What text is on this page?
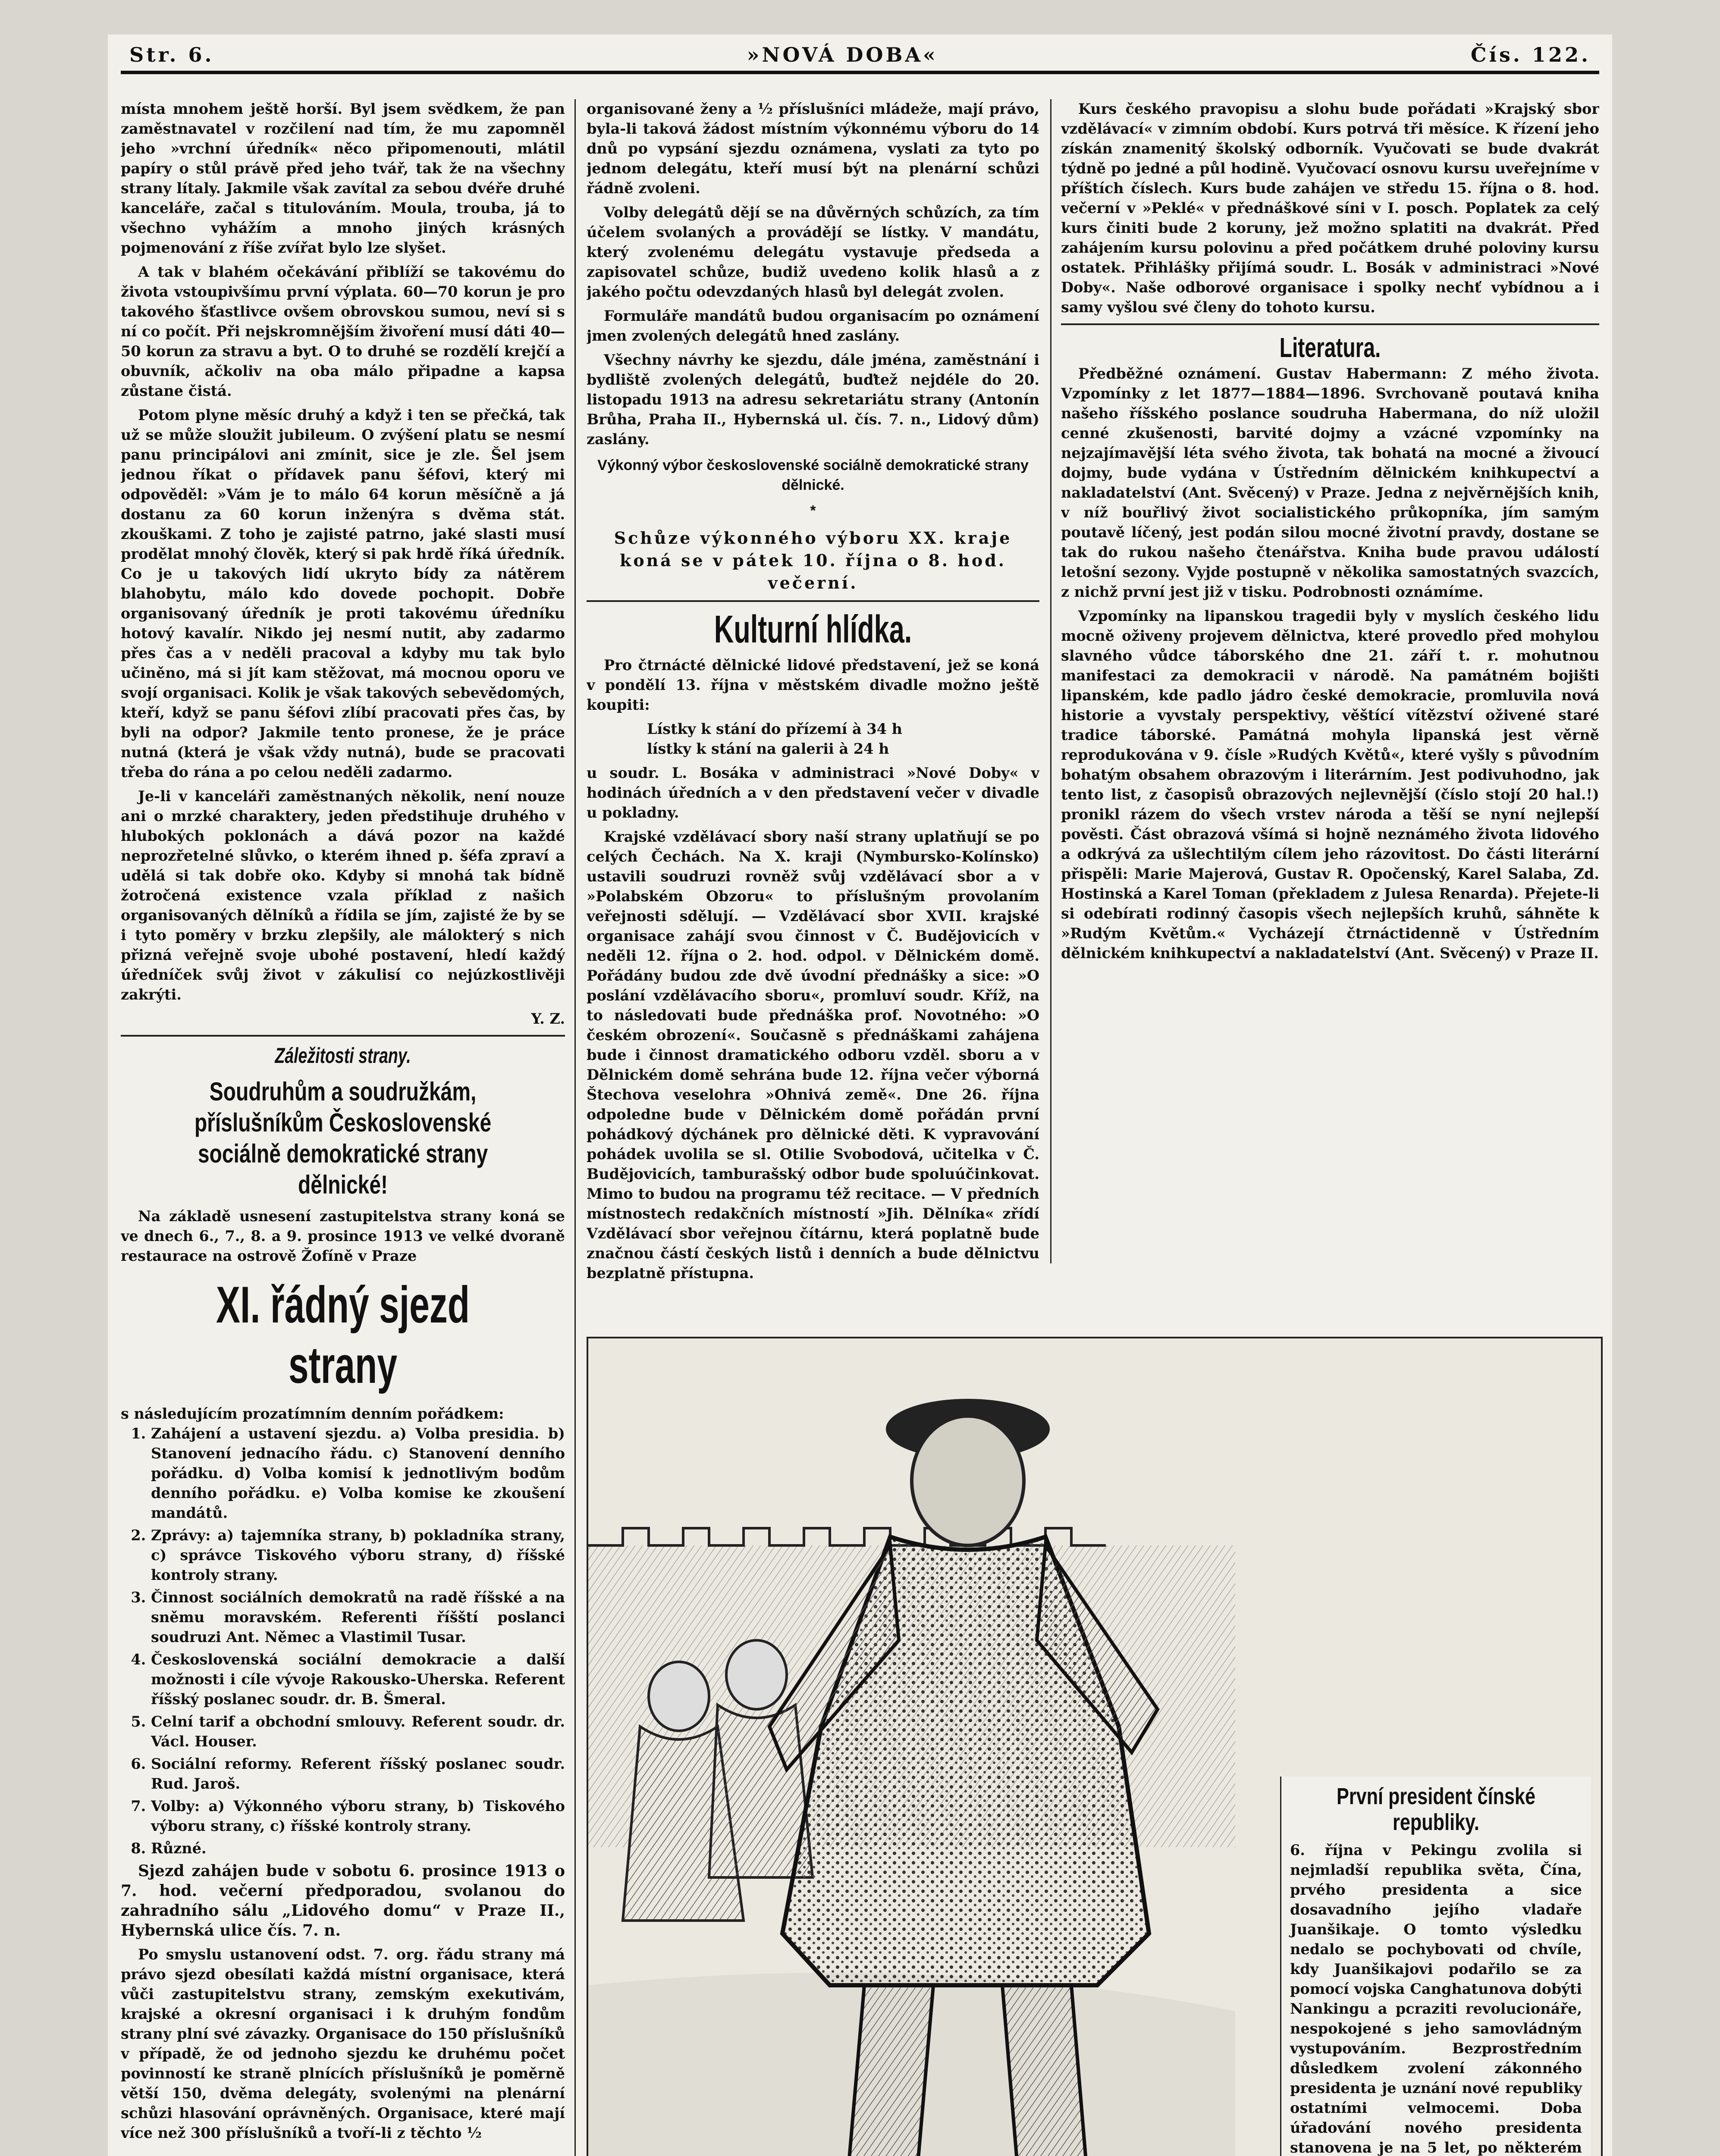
Str. 6.	»NOVÁ DOBA«	Čís. 122.

místa mnohem ještě horší. Byl jsem svědkem, že pan zaměstnavatel v rozčilení nad tím, že mu zapomněl jeho »vrchní úředník« něco připomenouti, mlátil papíry o stůl právě před jeho tvář, tak že na všechny strany lítaly. Jakmile však zavítal za sebou dvéře druhé kanceláře, začal s titulováním. Moula, trouba, já to všechno vyhážím a mnoho jiných krásných pojmenování z říše zvířat bylo lze slyšet.

A tak v blahém očekávání přiblíží se takovému do života vstoupivšímu první výplata. 60—70 korun je pro takového šťastlivce ovšem obrovskou sumou, neví si s ní co počít. Při nejskromnějším živoření musí dáti 40—50 korun za stravu a byt. O to druhé se rozdělí krejčí a obuvník, ačkoliv na oba málo připadne a kapsa zůstane čistá.

Potom plyne měsíc druhý a když i ten se přečká, tak už se může sloužit jubileum. O zvýšení platu se nesmí panu principálovi ani zmínit, sice je zle. Šel jsem jednou říkat o přídavek panu šéfovi, který mi odpověděl: »Vám je to málo 64 korun měsíčně a já dostanu za 60 korun inženýra s dvěma stát. zkouškami. Z toho je zajisté patrno, jaké slasti musí prodělat mnohý člověk, který si pak hrdě říká úředník. Co je u takových lidí ukryto bídy za nátěrem blahobytu, málo kdo dovede pochopit. Dobře organisovaný úředník je proti takovému úředníku hotový kavalír. Nikdo jej nesmí nutit, aby zadarmo přes čas a v neděli pracoval a kdyby mu tak bylo učiněno, má si jít kam stěžovat, má mocnou oporu ve svojí organisaci. Kolik je však takových sebevědomých, kteří, když se panu šéfovi zlíbí pracovati přes čas, by byli na odpor? Jakmile tento pronese, že je práce nutná (která je však vždy nutná), bude se pracovati třeba do rána a po celou neděli zadarmo.

Je-li v kanceláři zaměstnaných několik, není nouze ani o mrzké charaktery, jeden předstihuje druhého v hlubokých poklonách a dává pozor na každé neprozřetelné slůvko, o kterém ihned p. šéfa zpraví a udělá si tak dobře oko. Kdyby si mnohá tak bídně žotročená existence vzala příklad z našich organisovaných dělníků a řídila se jím, zajisté že by se i tyto poměry v brzku zlepšily, ale málokterý s nich přizná veřejně svoje ubohé postavení, hledí každý úředníček svůj život v zákulisí co nejúzkostlivěji zakrýti.

Y. Z.
Záležitosti strany.
Soudruhům a soudružkám, příslušníkům Československé sociálně demokratické strany dělnické!

Na základě usnesení zastupitelstva strany koná se ve dnech 6., 7., 8. a 9. prosince 1913 ve velké dvoraně restaurace na ostrově Žofíně v Praze

XI. řádný sjezd strany
s následujícím prozatímním denním pořádkem:
1. Zahájení a ustavení sjezdu. a) Volba presidia. b) Stanovení jednacího řádu. c) Stanovení denního pořádku. d) Volba komisí k jednotlivým bodům denního pořádku. e) Volba komise ke zkoušení mandátů.
2. Zprávy: a) tajemníka strany, b) pokladníka strany, c) správce Tiskového výboru strany, d) říšské kontroly strany.
3. Činnost sociálních demokratů na radě říšské a na sněmu moravském. Referenti říšští poslanci soudruzi Ant. Němec a Vlastimil Tusar.
4. Československá sociální demokracie a další možnosti i cíle vývoje Rakousko-Uherska. Referent říšský poslanec soudr. dr. B. Šmeral.
5. Celní tarif a obchodní smlouvy. Referent soudr. dr. Václ. Houser.
6. Sociální reformy. Referent říšský poslanec soudr. Rud. Jaroš.
7. Volby: a) Výkonného výboru strany, b) Tiskového výboru strany, c) říšské kontroly strany.
8. Různé.

Sjezd zahájen bude v sobotu 6. prosince 1913 o 7. hod. večerní předporadou, svolanou do zahradního sálu „Lidového domu“ v Praze II., Hybernská ulice čís. 7. n.

Po smyslu ustanovení odst. 7. org. řádu strany má právo sjezd obesílati každá místní organisace, která vůči zastupitelstvu strany, zemským exekutivám, krajské a okresní organisaci i k druhým fondům strany plní své závazky. Organisace do 150 příslušníků v případě, že od jednoho sjezdu ke druhému počet povinností ke straně plnících příslušníků je poměrně větší 150, dvěma delegáty, svolenými na plenární schůzi hlasování oprávněných. Organisace, které mají více než 300 příslušníků a tvoří-li z těchto ½

organisované ženy a ½ příslušníci mládeže, mají právo, byla-li taková žádost místním výkonnému výboru do 14 dnů po vypsání sjezdu oznámena, vyslati za tyto po jednom delegátu, kteří musí být na plenární schůzi řádně zvoleni.

Volby delegátů dějí se na důvěrných schůzích, za tím účelem svolaných a provádějí se lístky. V mandátu, který zvolenému delegátu vystavuje předseda a zapisovatel schůze, budiž uvedeno kolik hlasů a z jakého počtu odevzdaných hlasů byl delegát zvolen.

Formuláře mandátů budou organisacím po oznámení jmen zvolených delegátů hned zaslány.

Všechny návrhy ke sjezdu, dále jména, zaměstnání i bydliště zvolených delegátů, buďtež nejdéle do 20. listopadu 1913 na adresu sekretariátu strany (Antonín Brůha, Praha II., Hybernská ul. čís. 7. n., Lidový dům) zaslány.

Výkonný výbor československé sociálně demokratické strany dělnické.
*
Schůze výkonného výboru XX. kraje koná se v pátek 10. října o 8. hod. večerní.
Kulturní hlídka.

Pro čtrnácté dělnické lidové představení, jež se koná v pondělí 13. října v městském divadle možno ještě koupiti:

Lístky k stání do přízemí à 34 h
lístky k stání na galerii à 24 h

u soudr. L. Bosáka v administraci »Nové Doby« v hodinách úředních a v den představení večer v divadle u pokladny.

Krajské vzdělávací sbory naší strany uplatňují se po celých Čechách. Na X. kraji (Nymbursko-Kolínsko) ustavili soudruzi rovněž svůj vzdělávací sbor a v »Polabském Obzoru« to příslušným provolaním veřejnosti sdělují. — Vzdělávací sbor XVII. krajské organisace zahájí svou činnost v Č. Budějovicích v neděli 12. října o 2. hod. odpol. v Dělnickém domě. Pořádány budou zde dvě úvodní přednášky a sice: »O poslání vzdělávacího sboru«, promluví soudr. Kříž, na to následovati bude přednáška prof. Novotného: »O českém obrození«. Současně s přednáškami zahájena bude i činnost dramatického odboru vzděl. sboru a v Dělnickém domě sehrána bude 12. října večer výborná Štechova veselohra »Ohnivá země«. Dne 26. října odpoledne bude v Dělnickém domě pořádán první pohádkový dýchánek pro dělnické děti. K vypravování pohádek uvolila se sl. Otilie Svobodová, učitelka v Č. Budějovicích, tamburašský odbor bude spoluúčinkovat. Mimo to budou na programu též recitace. — V předních místnostech redakčních místností »Jih. Dělníka« zřídí Vzdělávací sbor veřejnou čítárnu, která poplatně bude značnou částí českých listů i denních a bude dělnictvu bezplatně přístupna.

Kurs českého pravopisu a slohu bude pořádati »Krajský sbor vzdělávací« v zimním období. Kurs potrvá tři měsíce. K řízení jeho získán znamenitý školský odborník. Vyučovati se bude dvakrát týdně po jedné a půl hodině. Vyučovací osnovu kursu uveřejníme v příštích číslech. Kurs bude zahájen ve středu 15. října o 8. hod. večerní v »Peklé« v přednáškové síni v I. posch. Poplatek za celý kurs činiti bude 2 koruny, jež možno splatiti na dvakrát. Před zahájením kursu polovinu a před počátkem druhé poloviny kursu ostatek. Přihlášky přijímá soudr. L. Bosák v administraci »Nové Doby«. Naše odborové organisace i spolky nechť vybídnou a i samy vyšlou své členy do tohoto kursu.

Literatura.

Předběžné oznámení. Gustav Habermann: Z mého života. Vzpomínky z let 1877—1884—1896. Svrchovaně poutavá kniha našeho říšského poslance soudruha Habermana, do níž uložil cenné zkušenosti, barvité dojmy a vzácné vzpomínky na nejzajímavější léta svého života, tak bohatá na mocné a živoucí dojmy, bude vydána v Ústředním dělnickém knihkupectví a nakladatelství (Ant. Svěcený) v Praze. Jedna z nejvěrnějších knih, v níž bouřlivý život socialistického průkopníka, jím samým poutavě líčený, jest podán silou mocné životní pravdy, dostane se tak do rukou našeho čtenářstva. Kniha bude pravou událostí letošní sezony. Vyjde postupně v několika samostatných svazcích, z nichž první jest již v tisku. Podrobnosti oznámíme.

Vzpomínky na lipanskou tragedii byly v myslích českého lidu mocně oživeny projevem dělnictva, které provedlo před mohylou slavného vůdce táborského dne 21. září t. r. mohutnou manifestaci za demokracii v národě. Na památném bojišti lipanském, kde padlo jádro české demokracie, promluvila nová historie a vyvstaly perspektivy, věštící vítězství oživené staré tradice táborské. Památná mohyla lipanská jest věrně reprodukována v 9. čísle »Rudých Květů«, které vyšly s původním bohatým obsahem obrazovým i literárním. Jest podivuhodno, jak tento list, z časopisů obrazových nejlevnější (číslo stojí 20 hal.!) pronikl rázem do všech vrstev národa a těší se nyní nejlepší pověsti. Část obrazová všímá si hojně neznámého života lidového a odkrývá za ušlechtilým cílem jeho rázovitost. Do části literární přispěli: Marie Majerová, Gustav R. Opočenský, Karel Salaba, Zd. Hostinská a Karel Toman (překladem z Julesa Renarda). Přejete-li si odebírati rodinný časopis všech nejlepších kruhů, sáhněte k »Rudým Květům.« Vycházejí čtrnáctidenně v Ústředním dělnickém knihkupectví a nakladatelství (Ant. Svěcený) v Praze II.

První president čínské republiky.

6. října v Pekingu zvolila si nejmladší republika světa, Čína, prvého presidenta a sice dosavadního jejího vladaře Juanšikaje. O tomto výsledku nedalo se pochybovati od chvíle, kdy Juanšikajovi podařilo se za pomocí vojska Canghatunova dobýti Nankingu a pcraziti revolucionáře, nespokojené s jeho samovládným vystupováním. Bezprostředním důsledkem zvolení zákonného presidenta je uznání nové republiky ostatními velmocemi. Doba úřadování nového presidenta stanovena je na 5 let, po některém
